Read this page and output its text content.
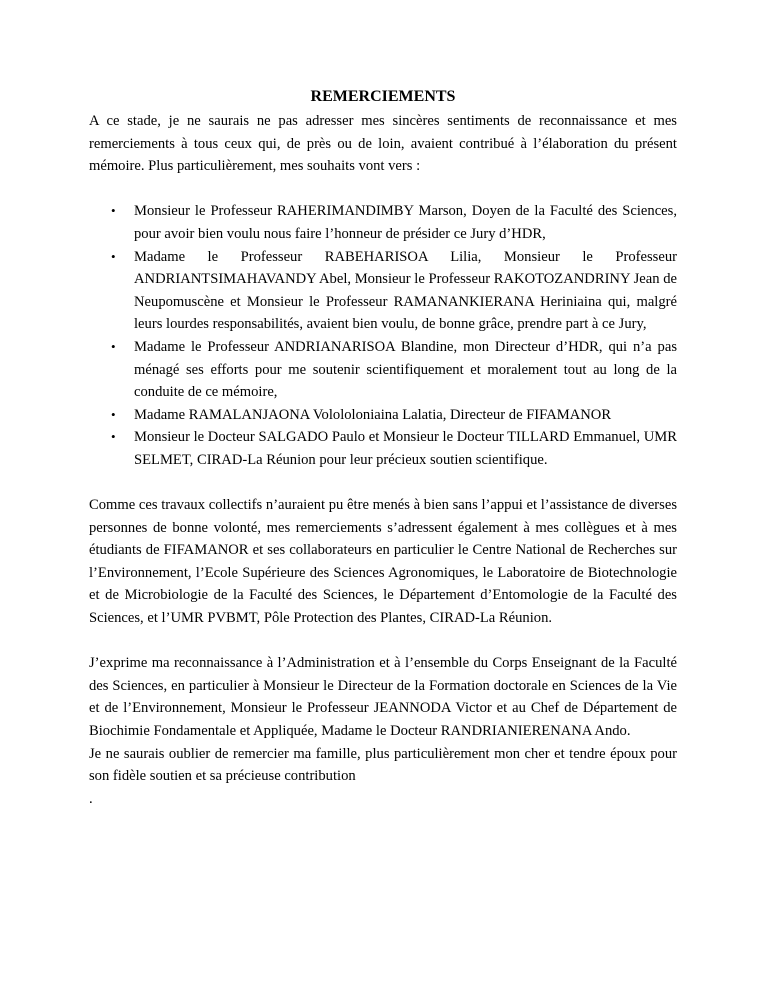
REMERCIEMENTS

A ce stade, je ne saurais ne pas adresser mes sincères sentiments de reconnaissance et mes remerciements à tous ceux qui, de près ou de loin, avaient contribué à l’élaboration du présent mémoire. Plus particulièrement, mes souhaits vont vers :

• Monsieur le Professeur RAHERIMANDIMBY Marson, Doyen de la Faculté des Sciences, pour avoir bien voulu nous faire l’honneur de présider ce Jury d’HDR,
• Madame le Professeur RABEHARISOA Lilia, Monsieur le Professeur ANDRIANTSIMAHAVANDY Abel, Monsieur le Professeur RAKOTOZANDRINY Jean de Neupomuscène et Monsieur le Professeur RAMANANKIERANA Heriniaina qui, malgré leurs lourdes responsabilités, avaient bien voulu, de bonne grâce, prendre part à ce Jury,
• Madame le Professeur ANDRIANARISOA Blandine, mon Directeur d’HDR, qui n’a pas ménagé ses efforts pour me soutenir scientifiquement et moralement tout au long de la conduite de ce mémoire,
• Madame RAMALANJAONA Volololoniaina Lalatia, Directeur de FIFAMANOR
• Monsieur le Docteur SALGADO Paulo et Monsieur le Docteur TILLARD Emmanuel, UMR SELMET, CIRAD-La Réunion pour leur précieux soutien scientifique.

Comme ces travaux collectifs n’auraient pu être menés à bien sans l’appui et l’assistance de diverses personnes de bonne volonté, mes remerciements s’adressent également à mes collègues et à mes étudiants de FIFAMANOR et ses collaborateurs en particulier le Centre National de Recherches sur l’Environnement, l’Ecole Supérieure des Sciences Agronomiques, le Laboratoire de Biotechnologie et de Microbiologie de la Faculté des Sciences, le Département d’Entomologie de la Faculté des Sciences, et l’UMR PVBMT, Pôle Protection des Plantes, CIRAD-La Réunion.

J’exprime ma reconnaissance à l’Administration et à l’ensemble du Corps Enseignant de la Faculté des Sciences, en particulier à Monsieur le Directeur de la Formation doctorale en Sciences de la Vie et de l’Environnement, Monsieur le Professeur JEANNODA Victor et au Chef de Département de Biochimie Fondamentale et Appliquée, Madame le Docteur RANDRIANIERENANA Ando.

Je ne saurais oublier de remercier ma famille, plus particulièrement mon cher et tendre époux pour son fidèle soutien et sa précieuse contribution

.
